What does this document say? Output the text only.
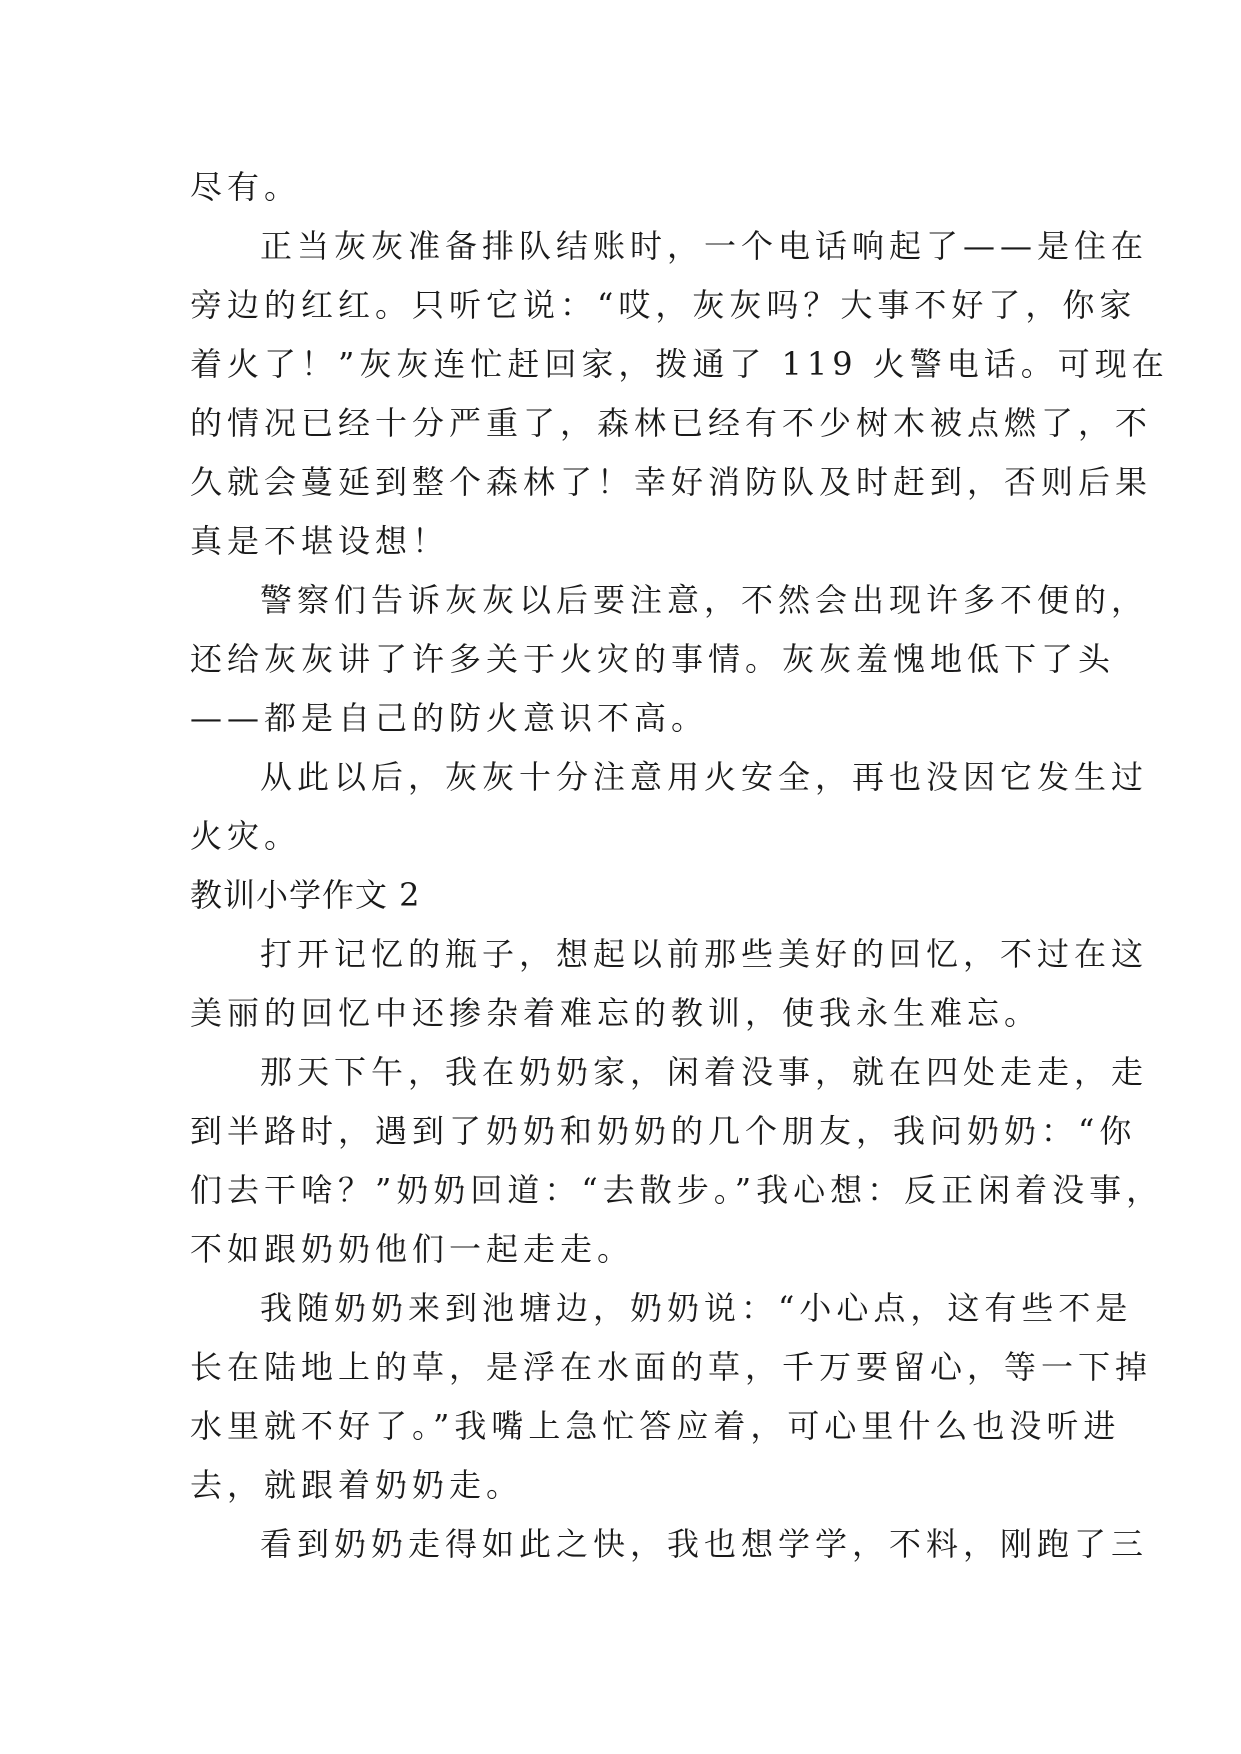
尽有。
正当灰灰准备排队结账时，一个电话响起了——是住在
旁边的红红。只听它说：“哎，灰灰吗？大事不好了，你家
着火了！”灰灰连忙赶回家，拨通了 119 火警电话。可现在
的情况已经十分严重了，森林已经有不少树木被点燃了，不
久就会蔓延到整个森林了！幸好消防队及时赶到，否则后果
真是不堪设想！
警察们告诉灰灰以后要注意，不然会出现许多不便的，
还给灰灰讲了许多关于火灾的事情。灰灰羞愧地低下了头
——都是自己的防火意识不高。
从此以后，灰灰十分注意用火安全，再也没因它发生过
火灾。
教训小学作文 2
打开记忆的瓶子，想起以前那些美好的回忆，不过在这
美丽的回忆中还掺杂着难忘的教训，使我永生难忘。
那天下午，我在奶奶家，闲着没事，就在四处走走，走
到半路时，遇到了奶奶和奶奶的几个朋友，我问奶奶：“你
们去干啥？”奶奶回道：“去散步。”我心想：反正闲着没事，
不如跟奶奶他们一起走走。
我随奶奶来到池塘边，奶奶说：“小心点，这有些不是
长在陆地上的草，是浮在水面的草，千万要留心，等一下掉
水里就不好了。”我嘴上急忙答应着，可心里什么也没听进
去，就跟着奶奶走。
看到奶奶走得如此之快，我也想学学，不料，刚跑了三
